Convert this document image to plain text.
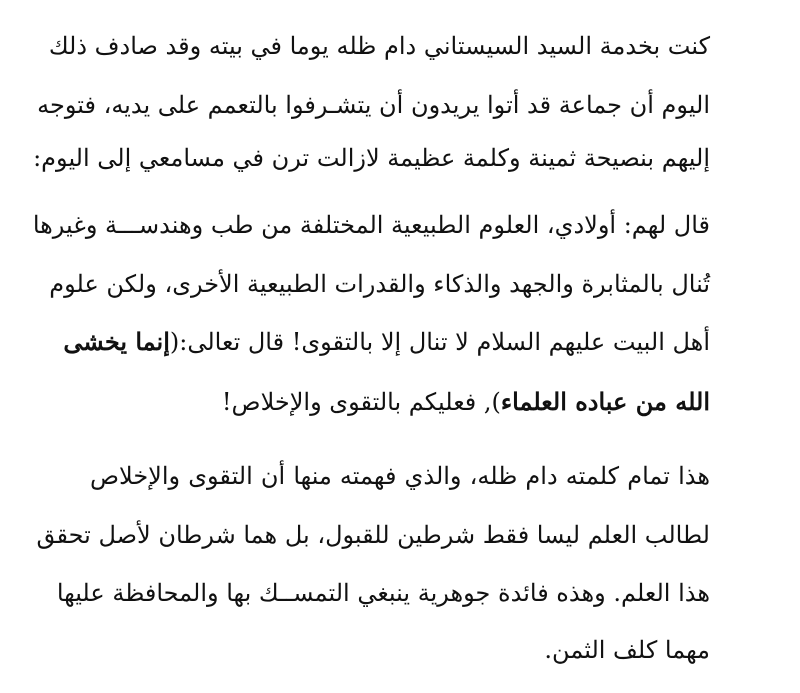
كنت بخدمة السيد السيستاني دام ظله يوما في بيته وقد صادف ذلك
اليوم أن جماعة قد أتوا يريدون أن يتشـرفوا بالتعمم على يديه، فتوجه
إليهم بنصيحة ثمينة وكلمة عظيمة لازالت ترن في مسامعي إلى اليوم:
قال لهم: أولادي، العلوم الطبيعية المختلفة من طب وهندســـة وغيرها
تُنال بالمثابرة والجهد والذكاء والقدرات الطبيعية الأخرى، ولكن علوم
أهل البيت عليهم السلام لا تنال إلا بالتقوى! قال تعالى:(إنما يخشى
الله من عباده العلماء), فعليكم بالتقوى والإخلاص!
هذا تمام كلمته دام ظله، والذي فهمته منها أن التقوى والإخلاص
لطالب العلم ليسا فقط شرطين للقبول، بل هما شرطان لأصل تحقق
هذا العلم. وهذه فائدة جوهرية ينبغي التمســك بها والمحافظة عليها
مهما كلف الثمن.
